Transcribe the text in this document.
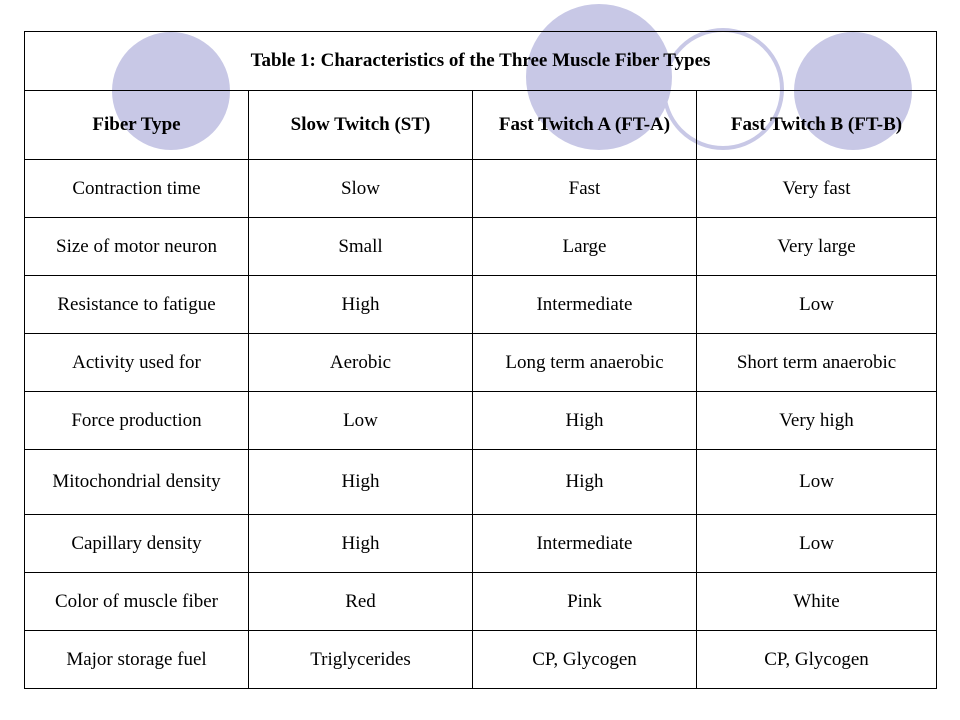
Table 1: Characteristics of the Three Muscle Fiber Types			
Fiber Type	Slow Twitch (ST)	Fast Twitch A (FT-A)	Fast Twitch B (FT-B)
Contraction time	Slow	Fast	Very fast
Size of motor neuron	Small	Large	Very large
Resistance to fatigue	High	Intermediate	Low
Activity used for	Aerobic	Long term anaerobic	Short term anaerobic
Force production	Low	High	Very high
Mitochondrial density	High	High	Low
Capillary density	High	Intermediate	Low
Color of muscle fiber	Red	Pink	White
Major storage fuel	Triglycerides	CP, Glycogen	CP, Glycogen
